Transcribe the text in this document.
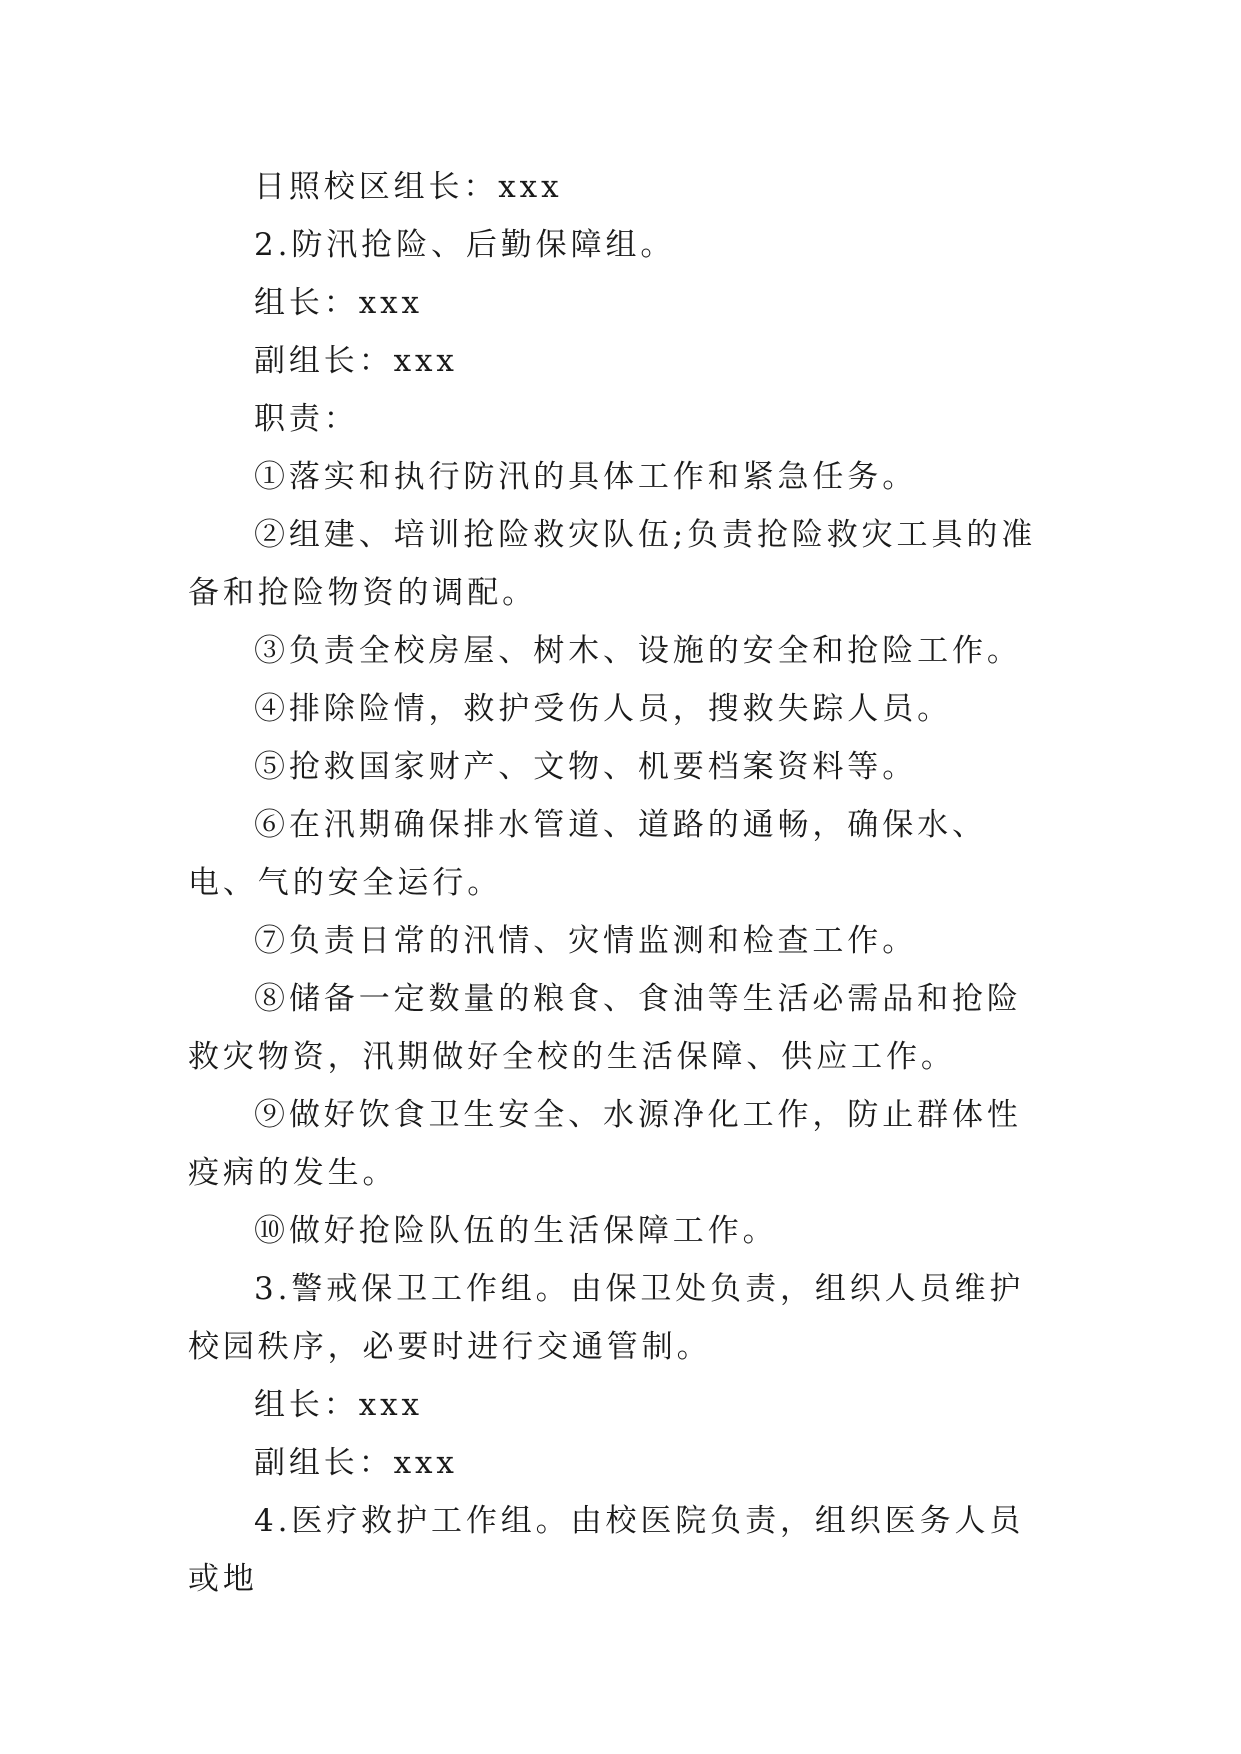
日照校区组长：xxx

2.防汛抢险、后勤保障组。

组长：xxx

副组长：xxx

职责：

①落实和执行防汛的具体工作和紧急任务。

②组建、培训抢险救灾队伍;负责抢险救灾工具的准备和抢险物资的调配。

③负责全校房屋、树木、设施的安全和抢险工作。

④排除险情，救护受伤人员，搜救失踪人员。

⑤抢救国家财产、文物、机要档案资料等。

⑥在汛期确保排水管道、道路的通畅，确保水、电、气的安全运行。

⑦负责日常的汛情、灾情监测和检查工作。

⑧储备一定数量的粮食、食油等生活必需品和抢险救灾物资，汛期做好全校的生活保障、供应工作。

⑨做好饮食卫生安全、水源净化工作，防止群体性疫病的发生。

⑩做好抢险队伍的生活保障工作。

3.警戒保卫工作组。由保卫处负责，组织人员维护校园秩序，必要时进行交通管制。

组长：xxx

副组长：xxx

4.医疗救护工作组。由校医院负责，组织医务人员或地
